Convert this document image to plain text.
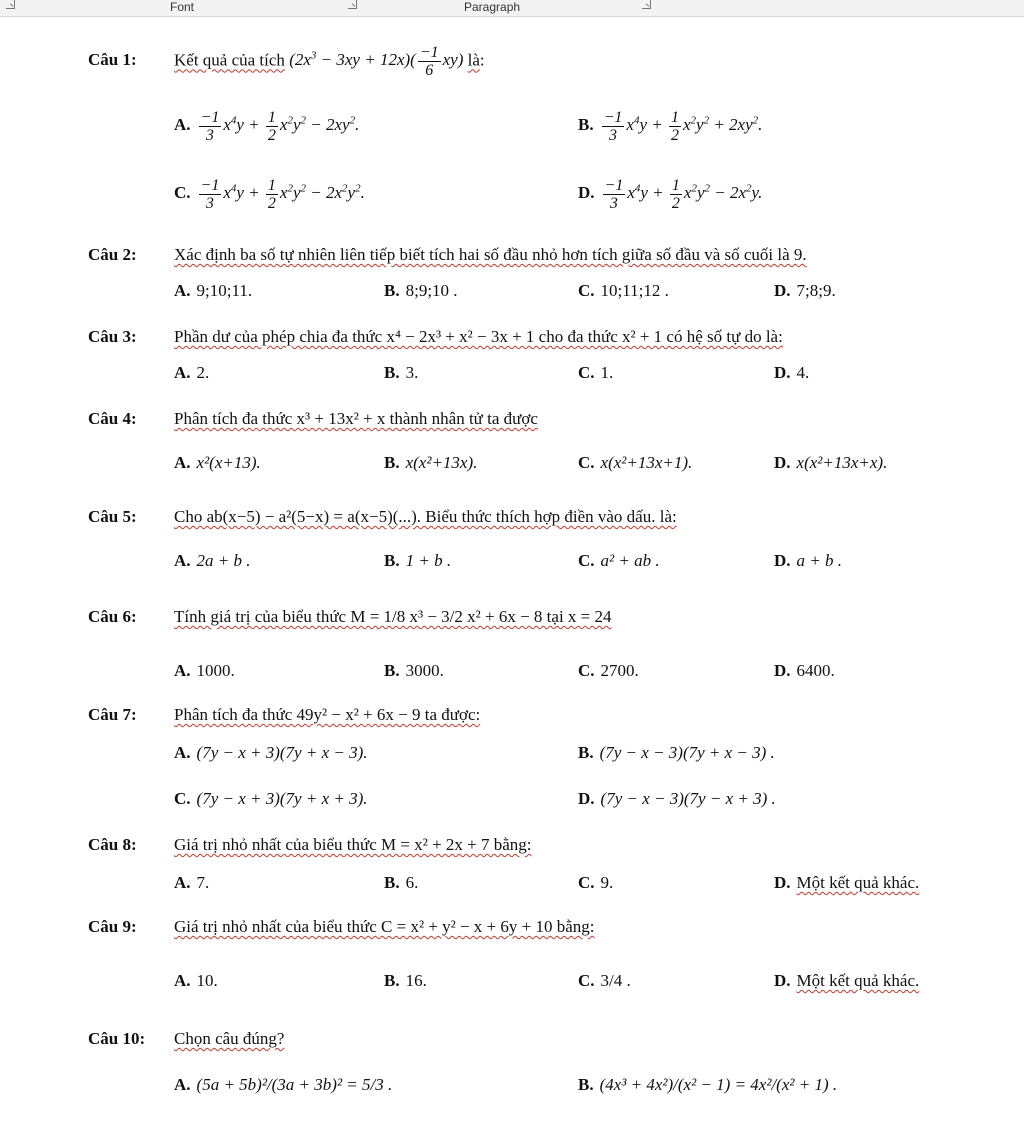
Font	Paragraph
Câu 1: Kết quả của tích $(2x^3 - 3xy + 12x)( \frac{-1}{6} xy)$ là:
A. $\frac{-1}{3} x^4y + \frac{1}{2} x^2y^2 - 2xy^2$.	B. $\frac{-1}{3} x^4y + \frac{1}{2} x^2y^2 + 2xy^2$.
C. $\frac{-1}{3} x^4y + \frac{1}{2} x^2y^2 - 2x^2y^2$.	D. $\frac{-1}{3} x^4y + \frac{1}{2} x^2y^2 - 2x^2y$.
Câu 2: Xác định ba số tự nhiên liên tiếp biết tích hai số đầu nhỏ hơn tích giữa số đầu và số cuối là 9.
A. 9;10;11.	B. 8;9;10 .	C. 10;11;12 .	D. 7;8;9.
Câu 3: Phần dư của phép chia đa thức x⁴ − 2x³ + x² − 3x + 1 cho đa thức x² + 1 có hệ số tự do là:
A. 2.	B. 3.	C. 1.	D. 4.
Câu 4: Phân tích đa thức x³ + 13x² + x thành nhân tử ta được
A. x²(x+13).	B. x(x²+13x).	C. x(x²+13x+1).	D. x(x²+13x+x).
Câu 5: Cho ab(x−5) − a²(5−x) = a(x−5)(...). Biểu thức thích hợp điền vào dấu. là:
A. 2a + b .	B. 1 + b .	C. a² + ab .	D. a + b .
Câu 6: Tính giá trị của biểu thức M = 1/8 x³ − 3/2 x² + 6x − 8 tại x = 24
A. 1000.	B. 3000.	C. 2700.	D. 6400.
Câu 7: Phân tích đa thức 49y² − x² + 6x − 9 ta được:
A. (7y − x + 3)(7y + x − 3).	B. (7y − x − 3)(7y + x − 3) .
C. (7y − x + 3)(7y + x + 3).	D. (7y − x − 3)(7y − x + 3) .
Câu 8: Giá trị nhỏ nhất của biểu thức M = x² + 2x + 7 bằng:
A. 7.	B. 6.	C. 9.	D. Một kết quả khác.
Câu 9: Giá trị nhỏ nhất của biểu thức C = x² + y² − x + 6y + 10 bằng:
A. 10.	B. 16.	C. 3/4 .	D. Một kết quả khác.
Câu 10: Chọn câu đúng?
A. (5a + 5b)²/(3a + 3b)² = 5/3 .	B. (4x³ + 4x²)/(x² − 1) = 4x²/(x² + 1) .
